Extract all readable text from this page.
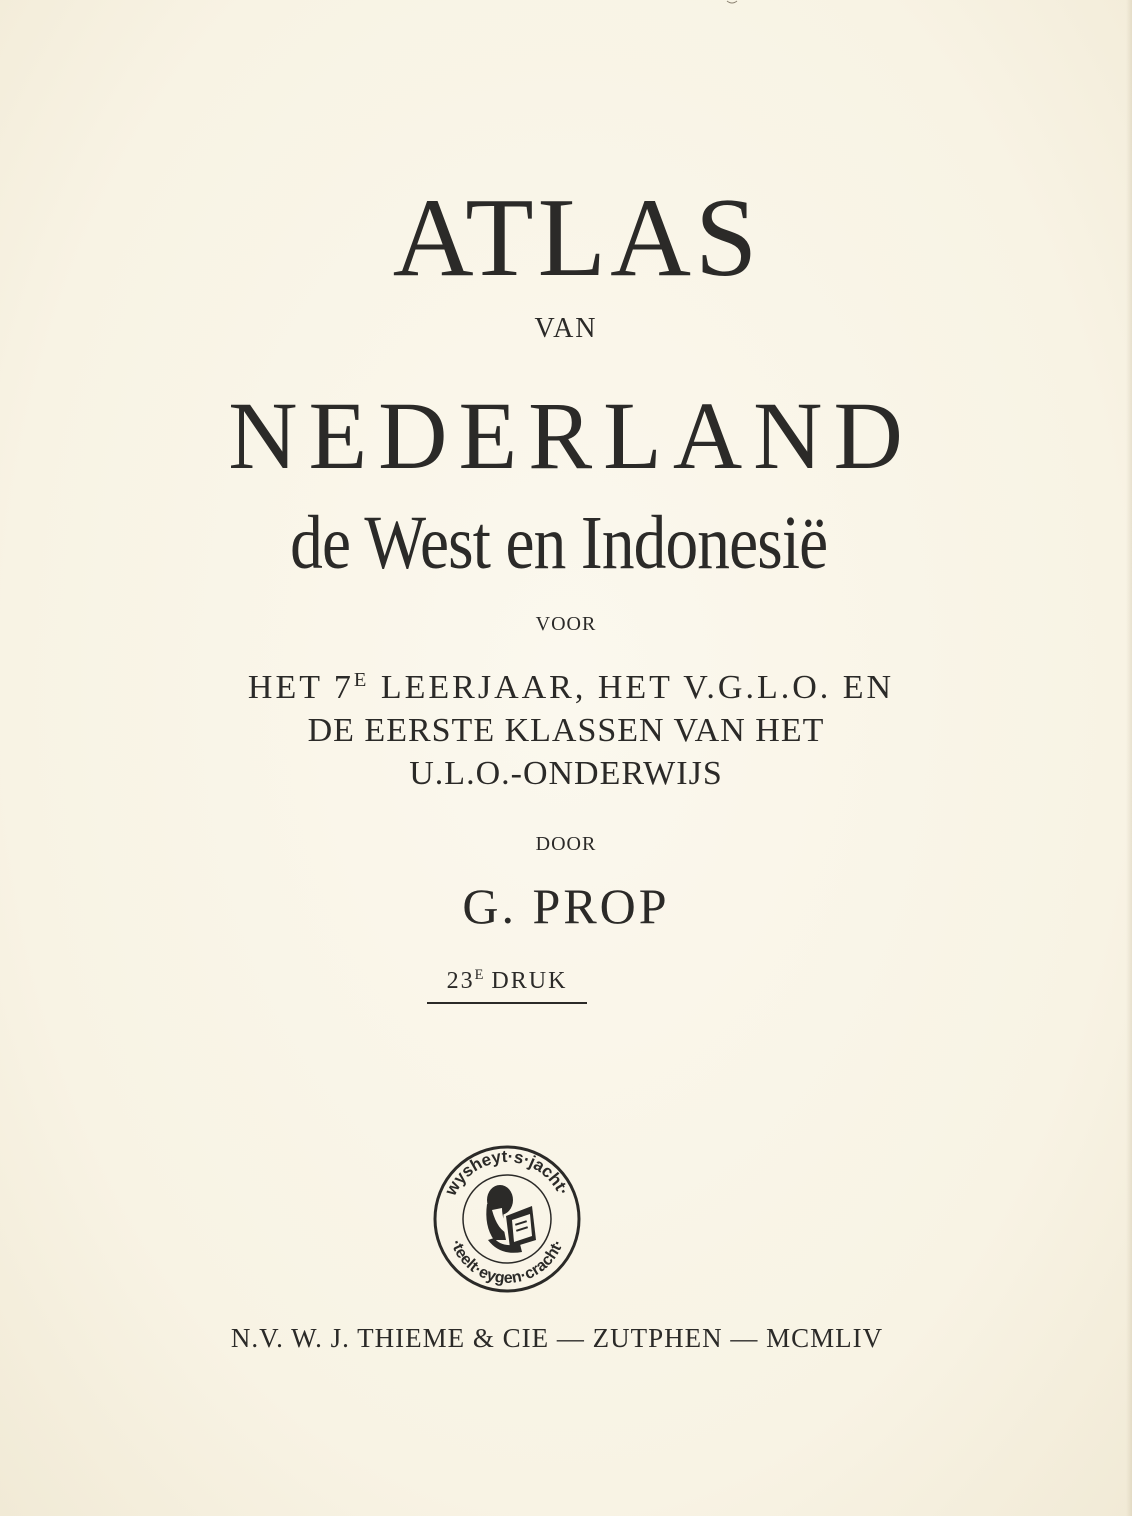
ATLAS
VAN
NEDERLAND
de West en Indonesië
VOOR
HET $7^E$ LEERJAAR, HET V.G.L.O. EN
DE EERSTE KLASSEN VAN HET
U.L.O.-ONDERWIJS
DOOR
G. PROP
$23^E$ DRUK
wysheyt·s·jacht·
·teelt·eygen·cracht·
N.V. W. J. THIEME & CIE — ZUTPHEN — MCMLIV
